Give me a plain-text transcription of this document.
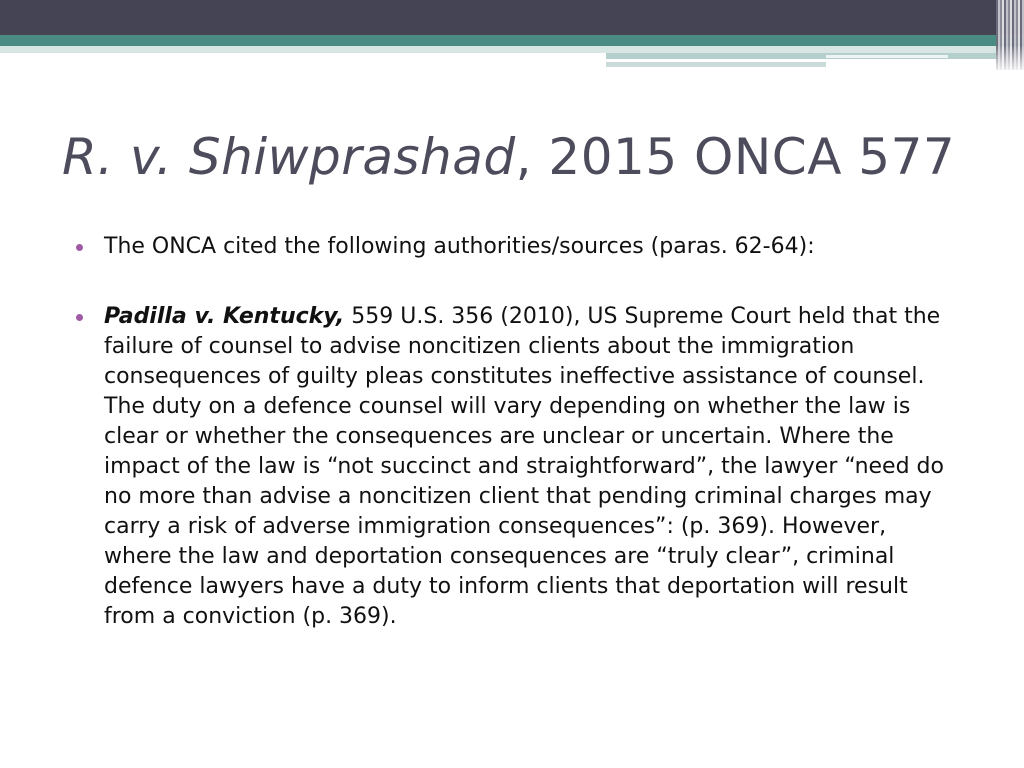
R. v. Shiwprashad, 2015 ONCA 577
The ONCA cited the following authorities/sources (paras. 62-64):
Padilla v. Kentucky, 559 U.S. 356 (2010), US Supreme Court held that the failure of counsel to advise noncitizen clients about the immigration consequences of guilty pleas constitutes ineffective assistance of counsel. The duty on a defence counsel will vary depending on whether the law is clear or whether the consequences are unclear or uncertain. Where the impact of the law is “not succinct and straightforward”, the lawyer “need do no more than advise a noncitizen client that pending criminal charges may carry a risk of adverse immigration consequences”: (p. 369). However, where the law and deportation consequences are “truly clear”, criminal defence lawyers have a duty to inform clients that deportation will result from a conviction (p. 369).
